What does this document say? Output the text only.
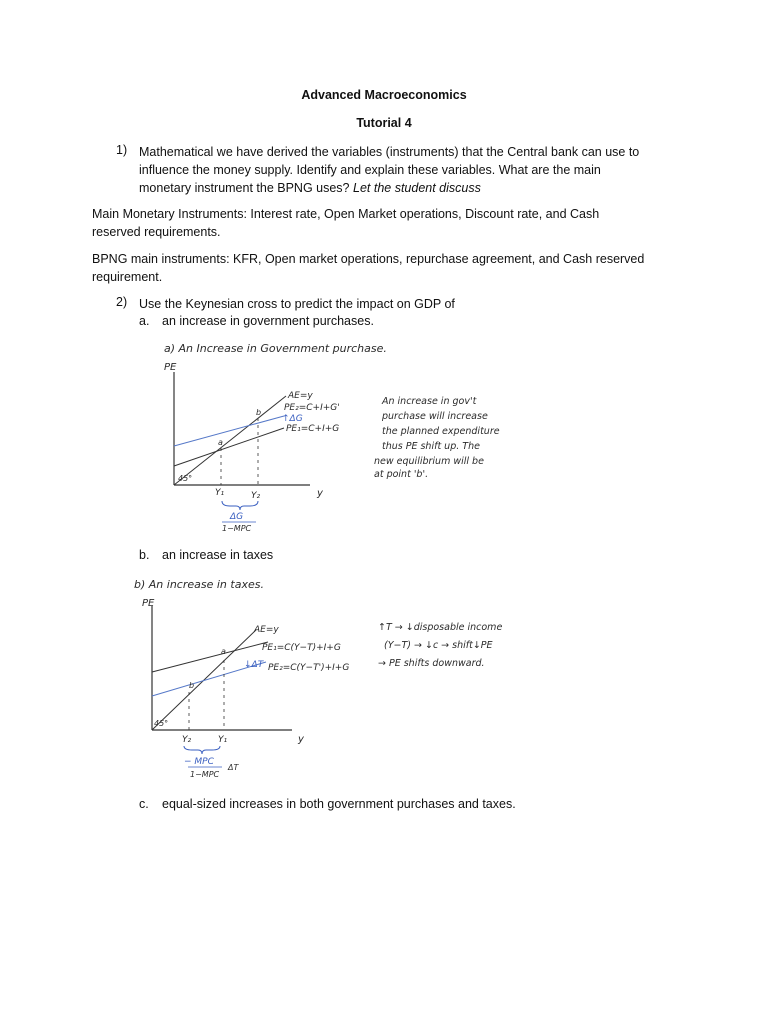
Advanced Macroeconomics
Tutorial 4
1) Mathematical we have derived the variables (instruments) that the Central bank can use to
influence the money supply. Identify and explain these variables. What are the main
monetary instrument the BPNG uses? Let the student discuss
Main Monetary Instruments: Interest rate, Open Market operations, Discount rate, and Cash
reserved requirements.
BPNG main instruments: KFR, Open market operations, repurchase agreement, and Cash reserved
requirement.
2) Use the Keynesian cross to predict the impact on GDP of
a. an increase in government purchases.
a) An Increase in Government purchase.
PE
y
45°
a
b
AE=y
PE₂=C+I+G'
↑ΔG
PE₁=C+I+G
Y₁	Y₂
ΔG
1−MPC
An increase in gov't
purchase will increase
the planned expenditure
thus PE shift up. The
new equilibrium will be
at point 'b'.
b. an increase in taxes
b) An increase in taxes.
PE
y
45°
a
b
AE=y
PE₁=C(Y−T)+I+G
↓ΔT PE₂=C(Y−T')+I+G
Y₂	Y₁
− MPC
1−MPC
ΔT
↑T → ↓disposable income
(Y−T) → ↓c → shift↓PE
→ PE shifts downward.
c. equal-sized increases in both government purchases and taxes.
